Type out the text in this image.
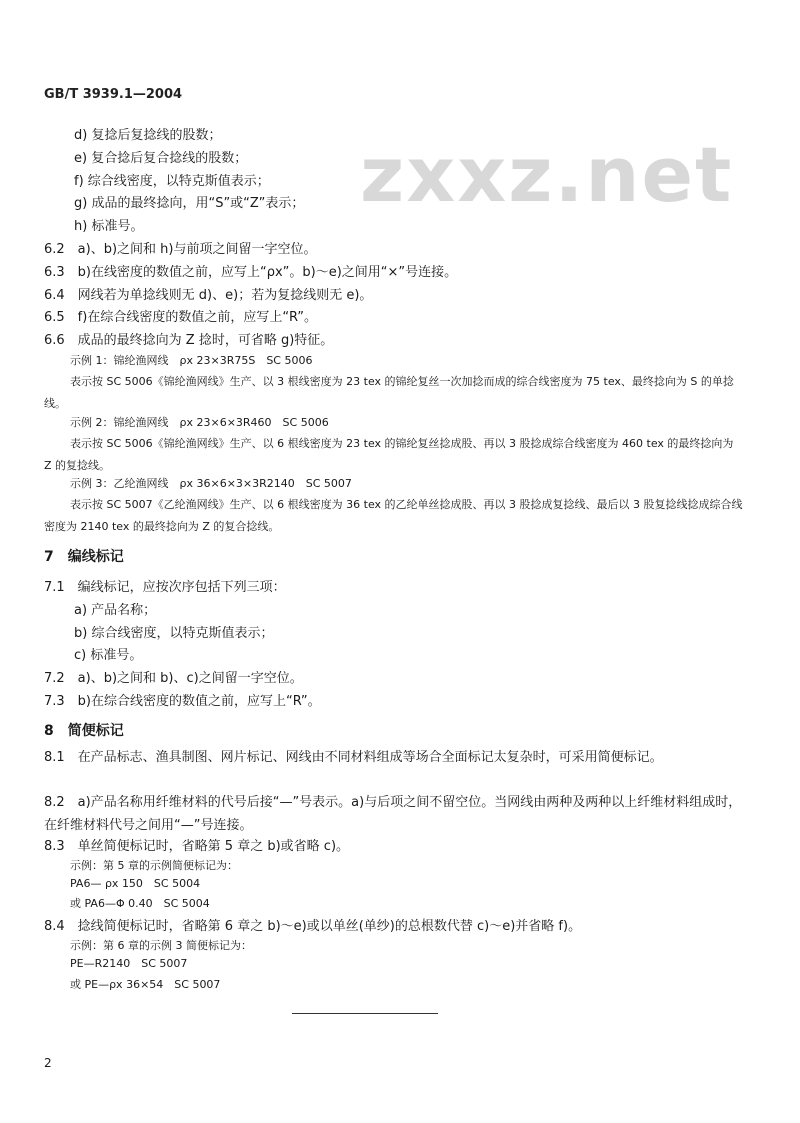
zxxz.net
GB/T 3939.1—2004
d) 复捻后复捻线的股数；
e) 复合捻后复合捻线的股数；
f) 综合线密度，以特克斯值表示；
g) 成品的最终捻向，用“S”或“Z”表示；
h) 标准号。
6.2 a)、b)之间和 h)与前项之间留一字空位。
6.3 b)在线密度的数值之前，应写上“ρx”。b)～e)之间用“×”号连接。
6.4 网线若为单捻线则无 d)、e)；若为复捻线则无 e)。
6.5 f)在综合线密度的数值之前，应写上“R”。
6.6 成品的最终捻向为 Z 捻时，可省略 g)特征。
示例 1：锦纶渔网线 ρx 23×3R75S SC 5006
表示按 SC 5006《锦纶渔网线》生产、以 3 根线密度为 23 tex 的锦纶复丝一次加捻而成的综合线密度为 75 tex、最终捻向为 S 的单捻线。
示例 2：锦纶渔网线 ρx 23×6×3R460 SC 5006
表示按 SC 5006《锦纶渔网线》生产、以 6 根线密度为 23 tex 的锦纶复丝捻成股、再以 3 股捻成综合线密度为 460 tex 的最终捻向为 Z 的复捻线。
示例 3：乙纶渔网线 ρx 36×6×3×3R2140 SC 5007
表示按 SC 5007《乙纶渔网线》生产、以 6 根线密度为 36 tex 的乙纶单丝捻成股、再以 3 股捻成复捻线、最后以 3 股复捻线捻成综合线密度为 2140 tex 的最终捻向为 Z 的复合捻线。
7 编线标记
7.1 编线标记，应按次序包括下列三项：
a) 产品名称；
b) 综合线密度，以特克斯值表示；
c) 标准号。
7.2 a)、b)之间和 b)、c)之间留一字空位。
7.3 b)在综合线密度的数值之前，应写上“R”。
8 简便标记
8.1 在产品标志、渔具制图、网片标记、网线由不同材料组成等场合全面标记太复杂时，可采用简便标记。
8.2 a)产品名称用纤维材料的代号后接“—”号表示。a)与后项之间不留空位。当网线由两种及两种以上纤维材料组成时，在纤维材料代号之间用“—”号连接。
8.3 单丝简便标记时，省略第 5 章之 b)或省略 c)。
示例：第 5 章的示例简便标记为：
PA6— ρx 150 SC 5004
或 PA6—Φ 0.40 SC 5004
8.4 捻线简便标记时，省略第 6 章之 b)～e)或以单丝(单纱)的总根数代替 c)～e)并省略 f)。
示例：第 6 章的示例 3 简便标记为：
PE—R2140 SC 5007
或 PE—ρx 36×54 SC 5007
2
